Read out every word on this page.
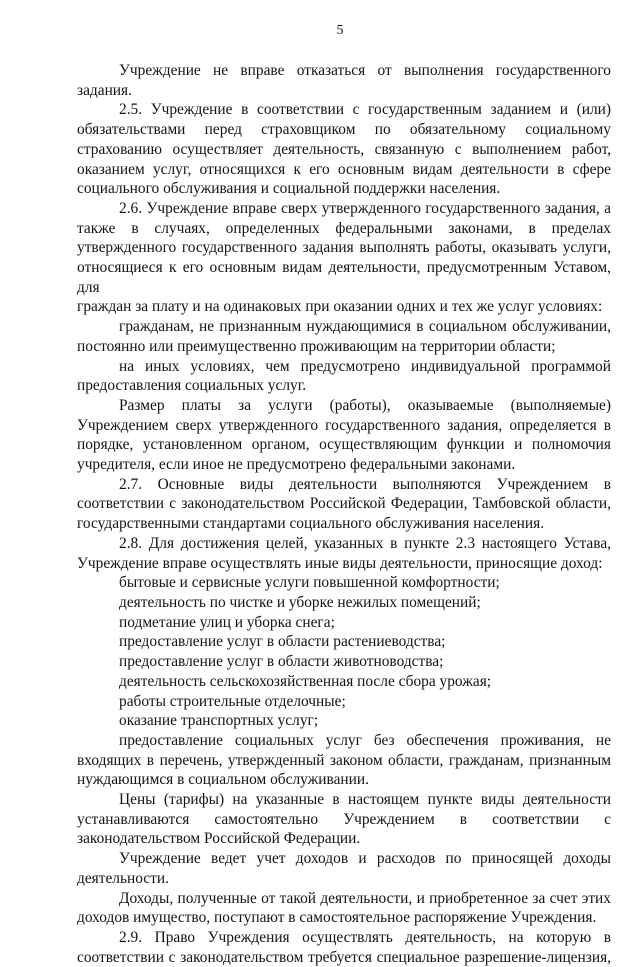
5
Учреждение не вправе отказаться от выполнения государственного
задания.
2.5. Учреждение в соответствии с государственным заданием и (или)
обязательствами перед страховщиком по обязательному социальному
страхованию осуществляет деятельность, связанную с выполнением работ,
оказанием услуг, относящихся к его основным видам деятельности в сфере
социального обслуживания и социальной поддержки населения.
2.6. Учреждение вправе сверх утвержденного государственного задания, а
также в случаях, определенных федеральными законами, в пределах
утвержденного государственного задания выполнять работы, оказывать услуги,
относящиеся к его основным видам деятельности, предусмотренным Уставом, для
граждан за плату и на одинаковых при оказании одних и тех же услуг условиях:
гражданам, не признанным нуждающимися в социальном обслуживании,
постоянно или преимущественно проживающим на территории области;
на иных условиях, чем предусмотрено индивидуальной программой
предоставления социальных услуг.
Размер платы за услуги (работы), оказываемые (выполняемые)
Учреждением сверх утвержденного государственного задания, определяется в
порядке, установленном органом, осуществляющим функции и полномочия
учредителя, если иное не предусмотрено федеральными законами.
2.7. Основные виды деятельности выполняются Учреждением в
соответствии с законодательством Российской Федерации, Тамбовской области,
государственными стандартами социального обслуживания населения.
2.8. Для достижения целей, указанных в пункте 2.3 настоящего Устава,
Учреждение вправе осуществлять иные виды деятельности, приносящие доход:
бытовые и сервисные услуги повышенной комфортности;
деятельность по чистке и уборке нежилых помещений;
подметание улиц и уборка снега;
предоставление услуг в области растениеводства;
предоставление услуг в области животноводства;
деятельность сельскохозяйственная после сбора урожая;
работы строительные отделочные;
оказание транспортных услуг;
предоставление социальных услуг без обеспечения проживания, не
входящих в перечень, утвержденный законом области, гражданам, признанным
нуждающимся в социальном обслуживании.
Цены (тарифы) на указанные в настоящем пункте виды деятельности
устанавливаются самостоятельно Учреждением в соответствии с
законодательством Российской Федерации.
Учреждение ведет учет доходов и расходов по приносящей доходы
деятельности.
Доходы, полученные от такой деятельности, и приобретенное за счет этих
доходов имущество, поступают в самостоятельное распоряжение Учреждения.
2.9. Право Учреждения осуществлять деятельность, на которую в
соответствии с законодательством требуется специальное разрешение-лицензия,
